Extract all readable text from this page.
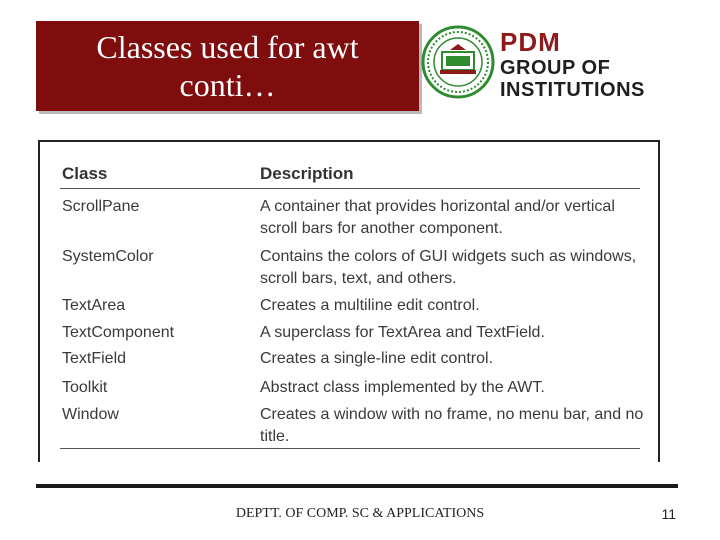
Classes used for awt
conti…
PDM
GROUP OF
INSTITUTIONS
Class	Description
ScrollPane	A container that provides horizontal and/or vertical scroll bars for another component.
SystemColor	Contains the colors of GUI widgets such as windows, scroll bars, text, and others.
TextArea	Creates a multiline edit control.
TextComponent	A superclass for TextArea and TextField.
TextField	Creates a single-line edit control.
Toolkit	Abstract class implemented by the AWT.
Window	Creates a window with no frame, no menu bar, and no title.
DEPTT. OF COMP. SC & APPLICATIONS	11
